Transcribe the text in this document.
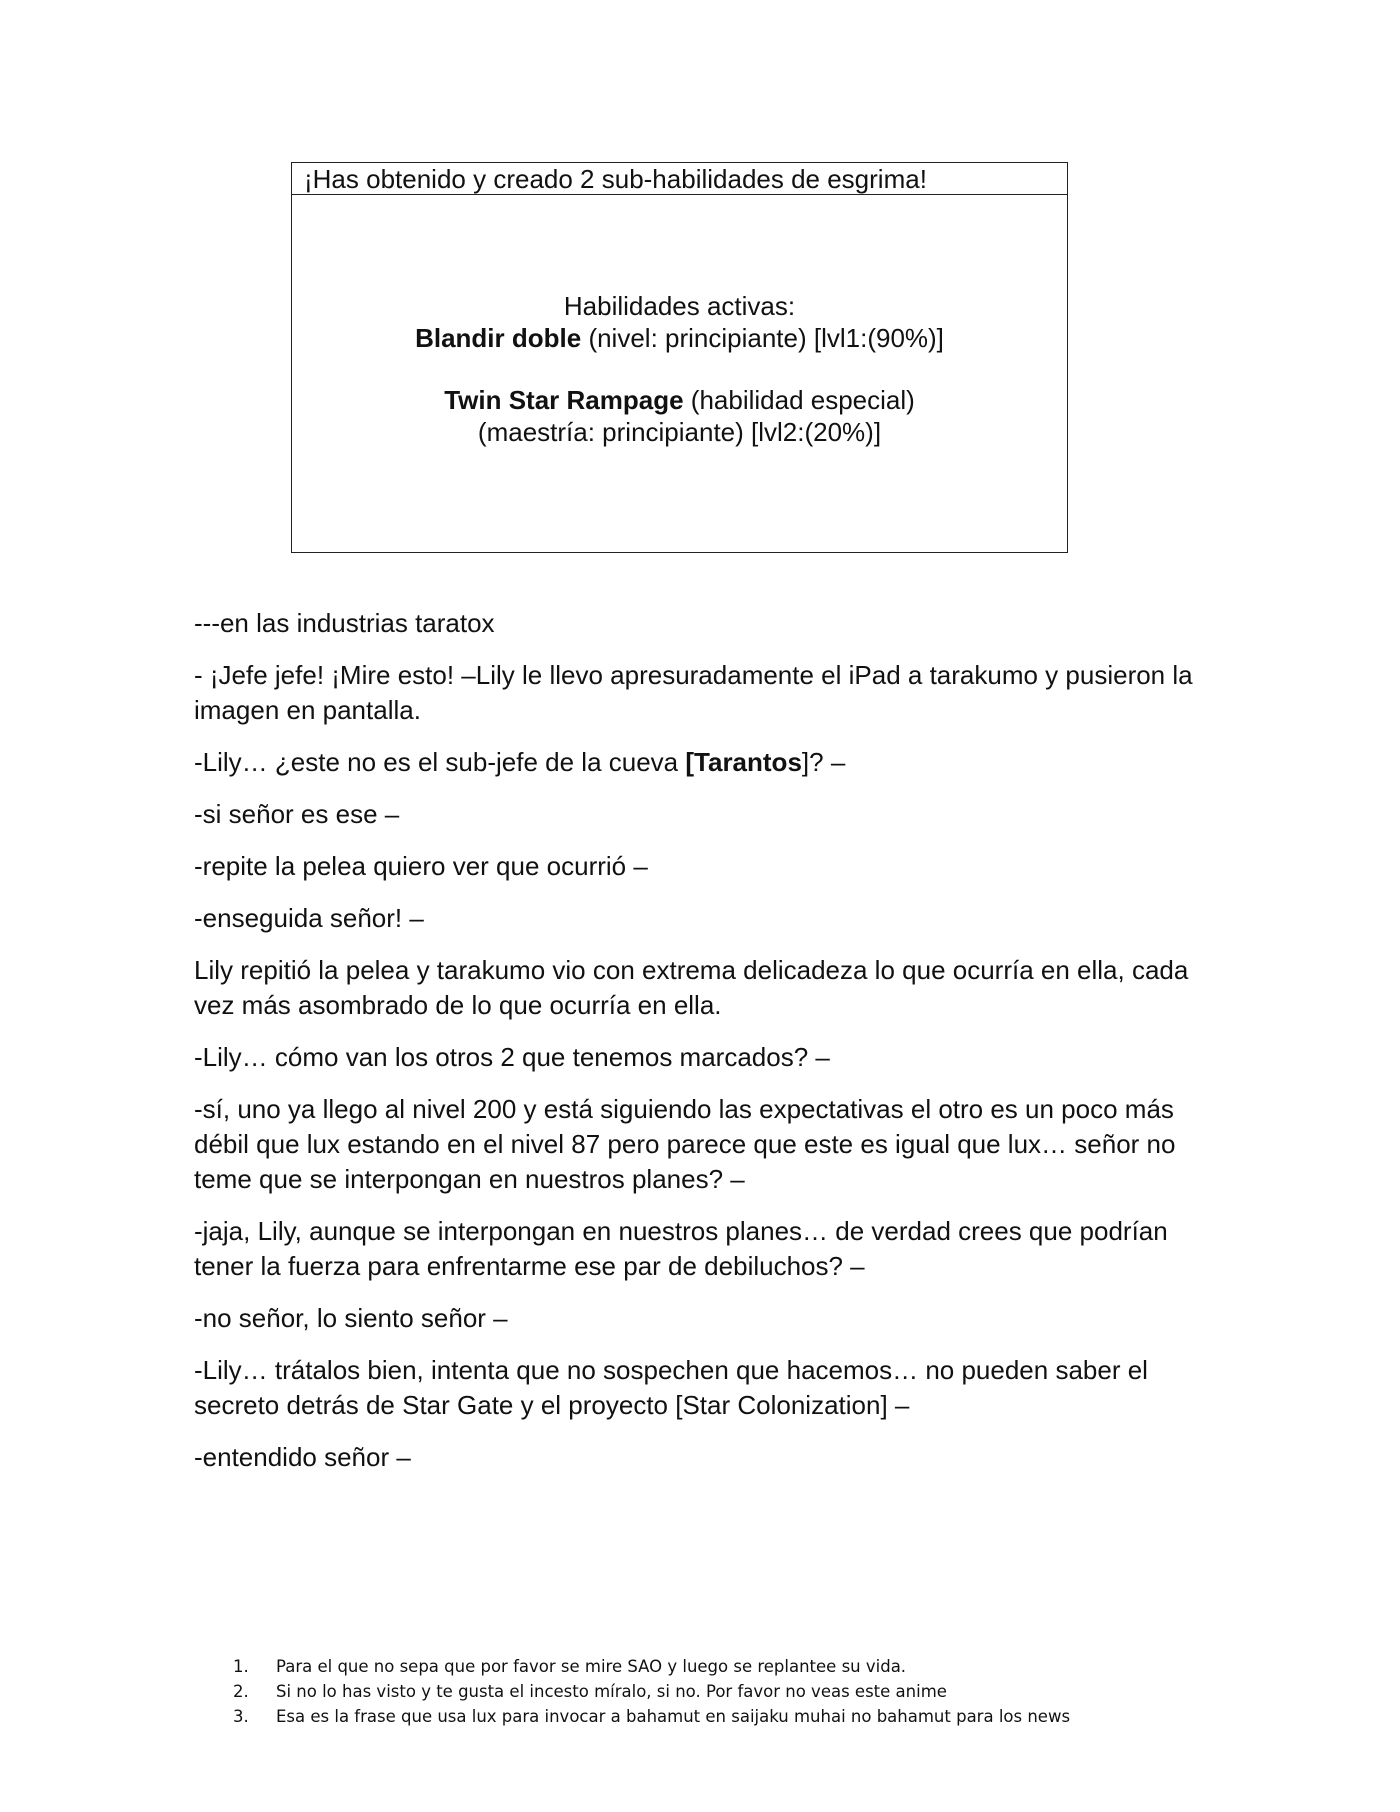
¡Has obtenido y creado 2 sub-habilidades de esgrima!
Habilidades activas:
Blandir doble (nivel: principiante) [lvl1:(90%)]
Twin Star Rampage (habilidad especial)
(maestría: principiante) [lvl2:(20%)]

---en las industrias taratox

- ¡Jefe jefe! ¡Mire esto! –Lily le llevo apresuradamente el iPad a tarakumo y pusieron la imagen en pantalla.

-Lily… ¿este no es el sub-jefe de la cueva [Tarantos]? –

-si señor es ese –

-repite la pelea quiero ver que ocurrió –

-enseguida señor! –

Lily repitió la pelea y tarakumo vio con extrema delicadeza lo que ocurría en ella, cada vez más asombrado de lo que ocurría en ella.

-Lily… cómo van los otros 2 que tenemos marcados? –

-sí, uno ya llego al nivel 200 y está siguiendo las expectativas el otro es un poco más débil que lux estando en el nivel 87 pero parece que este es igual que lux… señor no teme que se interpongan en nuestros planes? –

-jaja, Lily, aunque se interpongan en nuestros planes… de verdad crees que podrían tener la fuerza para enfrentarme ese par de debiluchos? –

-no señor, lo siento señor –

-Lily… trátalos bien, intenta que no sospechen que hacemos… no pueden saber el secreto detrás de Star Gate y el proyecto [Star Colonization] –

-entendido señor –

1. Para el que no sepa que por favor se mire SAO y luego se replantee su vida.
2. Si no lo has visto y te gusta el incesto míralo, si no. Por favor no veas este anime
3. Esa es la frase que usa lux para invocar a bahamut en saijaku muhai no bahamut para los news
